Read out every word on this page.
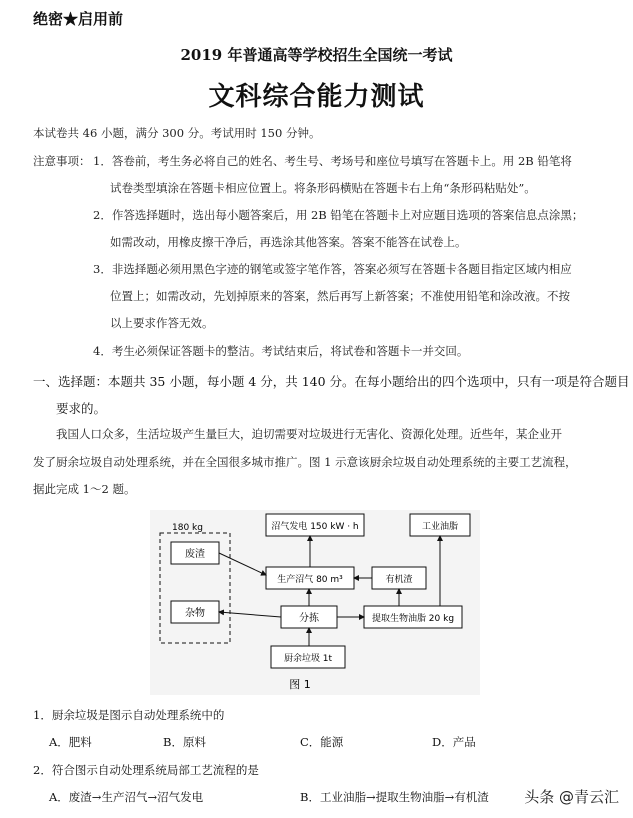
绝密★启用前
2019 年普通高等学校招生全国统一考试
文科综合能力测试
本试卷共 46 小题，满分 300 分。考试用时 150 分钟。
注意事项： 1．答卷前，考生务必将自己的姓名、考生号、考场号和座位号填写在答题卡上。用 2B 铅笔将
试卷类型填涂在答题卡相应位置上。将条形码横贴在答题卡右上角“条形码粘贴处”。
2．作答选择题时，选出每小题答案后，用 2B 铅笔在答题卡上对应题目选项的答案信息点涂黑；
如需改动，用橡皮擦干净后，再选涂其他答案。答案不能答在试卷上。
3．非选择题必须用黑色字迹的钢笔或签字笔作答，答案必须写在答题卡各题目指定区域内相应
位置上；如需改动，先划掉原来的答案，然后再写上新答案；不准使用铅笔和涂改液。不按
以上要求作答无效。
4．考生必须保证答题卡的整洁。考试结束后，将试卷和答题卡一并交回。
一、选择题：本题共 35 小题，每小题 4 分，共 140 分。在每小题给出的四个选项中，只有一项是符合题目
要求的。
我国人口众多，生活垃圾产生量巨大，迫切需要对垃圾进行无害化、资源化处理。近些年，某企业开
发了厨余垃圾自动处理系统，并在全国很多城市推广。图 1 示意该厨余垃圾自动处理系统的主要工艺流程，
据此完成 1～2 题。
180 kg
废渣
杂物
沼气发电 150 kW · h	工业油脂
生产沼气 80 m³	有机渣
分拣	提取生物油脂 20 kg
厨余垃圾 1t
图 1
1．厨余垃圾是图示自动处理系统中的
A．肥料	B．原料	C．能源	D．产品
2．符合图示自动处理系统局部工艺流程的是
A．废渣→生产沼气→沼气发电	B．工业油脂→提取生物油脂→有机渣 头条 @青云汇
